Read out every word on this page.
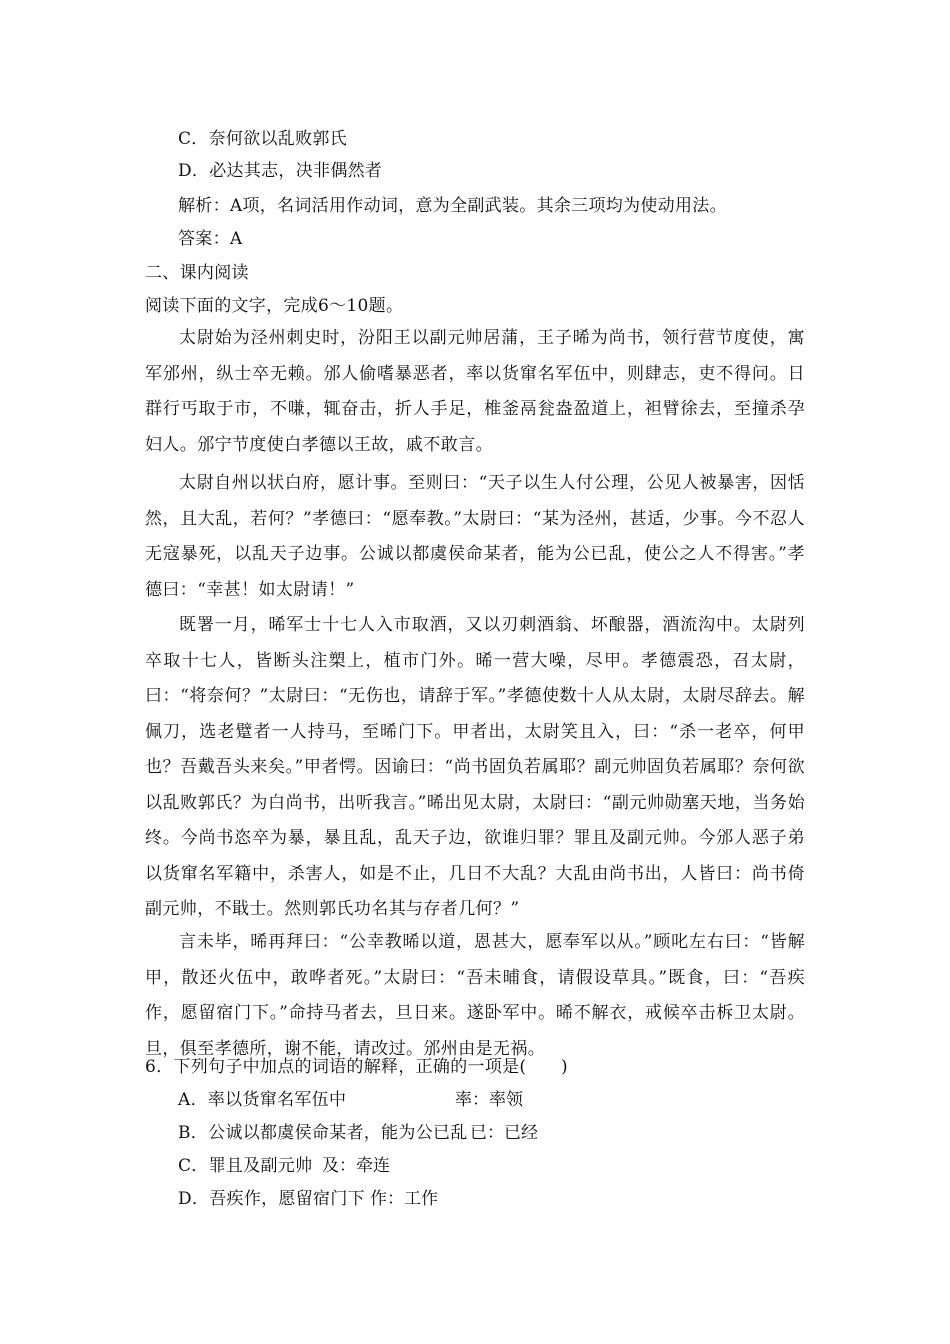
C．奈何欲以乱败郭氏
D．必达其志，决非偶然者
解析：A项，名词活用作动词，意为全副武装。其余三项均为使动用法。
答案：A
二、课内阅读
阅读下面的文字，完成6～10题。

太尉始为泾州刺史时，汾阳王以副元帅居蒲，王子晞为尚书，领行营节度使，寓军邠州，纵士卒无赖。邠人偷嗜暴恶者，率以货窜名军伍中，则肆志，吏不得问。日群行丐取于市，不嗛，辄奋击，折人手足，椎釜鬲瓮盎盈道上，袒臂徐去，至撞杀孕妇人。邠宁节度使白孝德以王故，戚不敢言。

太尉自州以状白府，愿计事。至则曰：“天子以生人付公理，公见人被暴害，因恬然，且大乱，若何？”孝德曰：“愿奉教。”太尉曰：“某为泾州，甚适，少事。今不忍人无寇暴死，以乱天子边事。公诚以都虞侯命某者，能为公已乱，使公之人不得害。”孝德曰：“幸甚！如太尉请！”

既署一月，晞军士十七人入市取酒，又以刃刺酒翁、坏酿器，酒流沟中。太尉列卒取十七人，皆断头注槊上，植市门外。晞一营大噪，尽甲。孝德震恐，召太尉，曰：“将奈何？”太尉曰：“无伤也，请辞于军。”孝德使数十人从太尉，太尉尽辞去。解佩刀，选老躄者一人持马，至晞门下。甲者出，太尉笑且入，曰：“杀一老卒，何甲也？吾戴吾头来矣。”甲者愕。因谕曰：“尚书固负若属耶？副元帅固负若属耶？奈何欲以乱败郭氏？为白尚书，出听我言。”晞出见太尉，太尉曰：“副元帅勋塞天地，当务始终。今尚书恣卒为暴，暴且乱，乱天子边，欲谁归罪？罪且及副元帅。今邠人恶子弟以货窜名军籍中，杀害人，如是不止，几日不大乱？大乱由尚书出，人皆曰：尚书倚副元帅，不戢士。然则郭氏功名其与存者几何？”

言未毕，晞再拜曰：“公幸教晞以道，恩甚大，愿奉军以从。”顾叱左右曰：“皆解甲，散还火伍中，敢哗者死。”太尉曰：“吾未晡食，请假设草具。”既食，曰：“吾疾作，愿留宿门下。”命持马者去，旦日来。遂卧军中。晞不解衣，戒候卒击柝卫太尉。旦，俱至孝德所，谢不能，请改过。邠州由是无祸。

6．下列句子中加点的词语的解释，正确的一项是(　　)
A．率以货窜名军伍中	率：率领
B．公诚以都虞侯命某者，能为公已乱 已：已经
C．罪且及副元帅 及：牵连
D．吾疾作，愿留宿门下 作：工作
